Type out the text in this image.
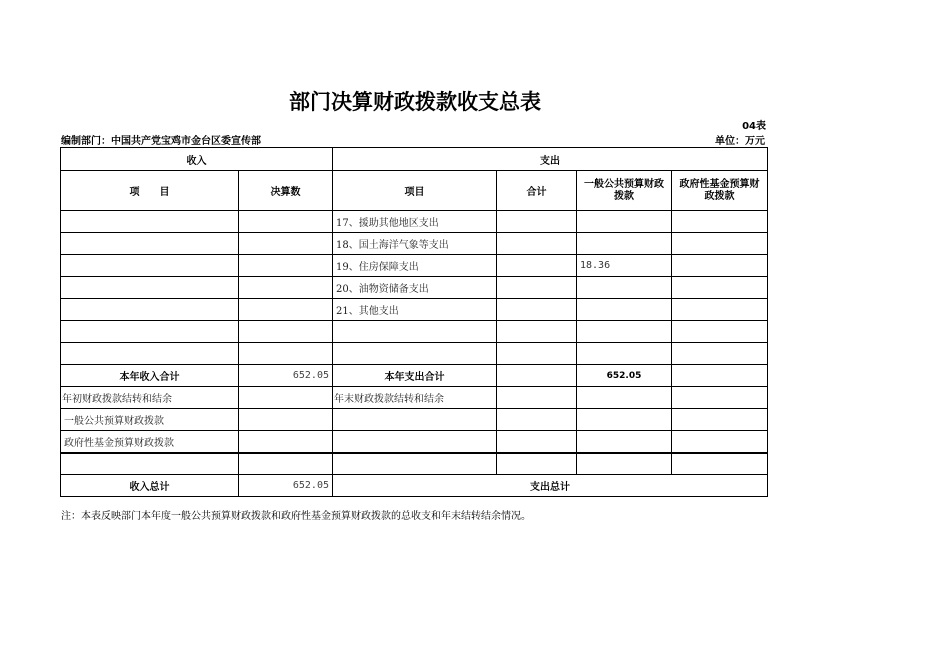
部门决算财政拨款收支总表
04表
编制部门：中国共产党宝鸡市金台区委宣传部	单位：万元
收入		支出			
项　　目	决算数	项目	合计	一般公共预算财政拨款	政府性基金预算财政拨款
		17、援助其他地区支出			
		18、国土海洋气象等支出			
		19、住房保障支出		18.36	
		20、油物资储备支出			
		21、其他支出			

本年收入合计	652.05	本年支出合计		652.05	
年初财政拨款结转和结余		年末财政拨款结转和结余			
一般公共预算财政拨款					
政府性基金预算财政拨款					

收入总计	652.05	支出总计			
注：本表反映部门本年度一般公共预算财政拨款和政府性基金预算财政拨款的总收支和年末结转结余情况。
